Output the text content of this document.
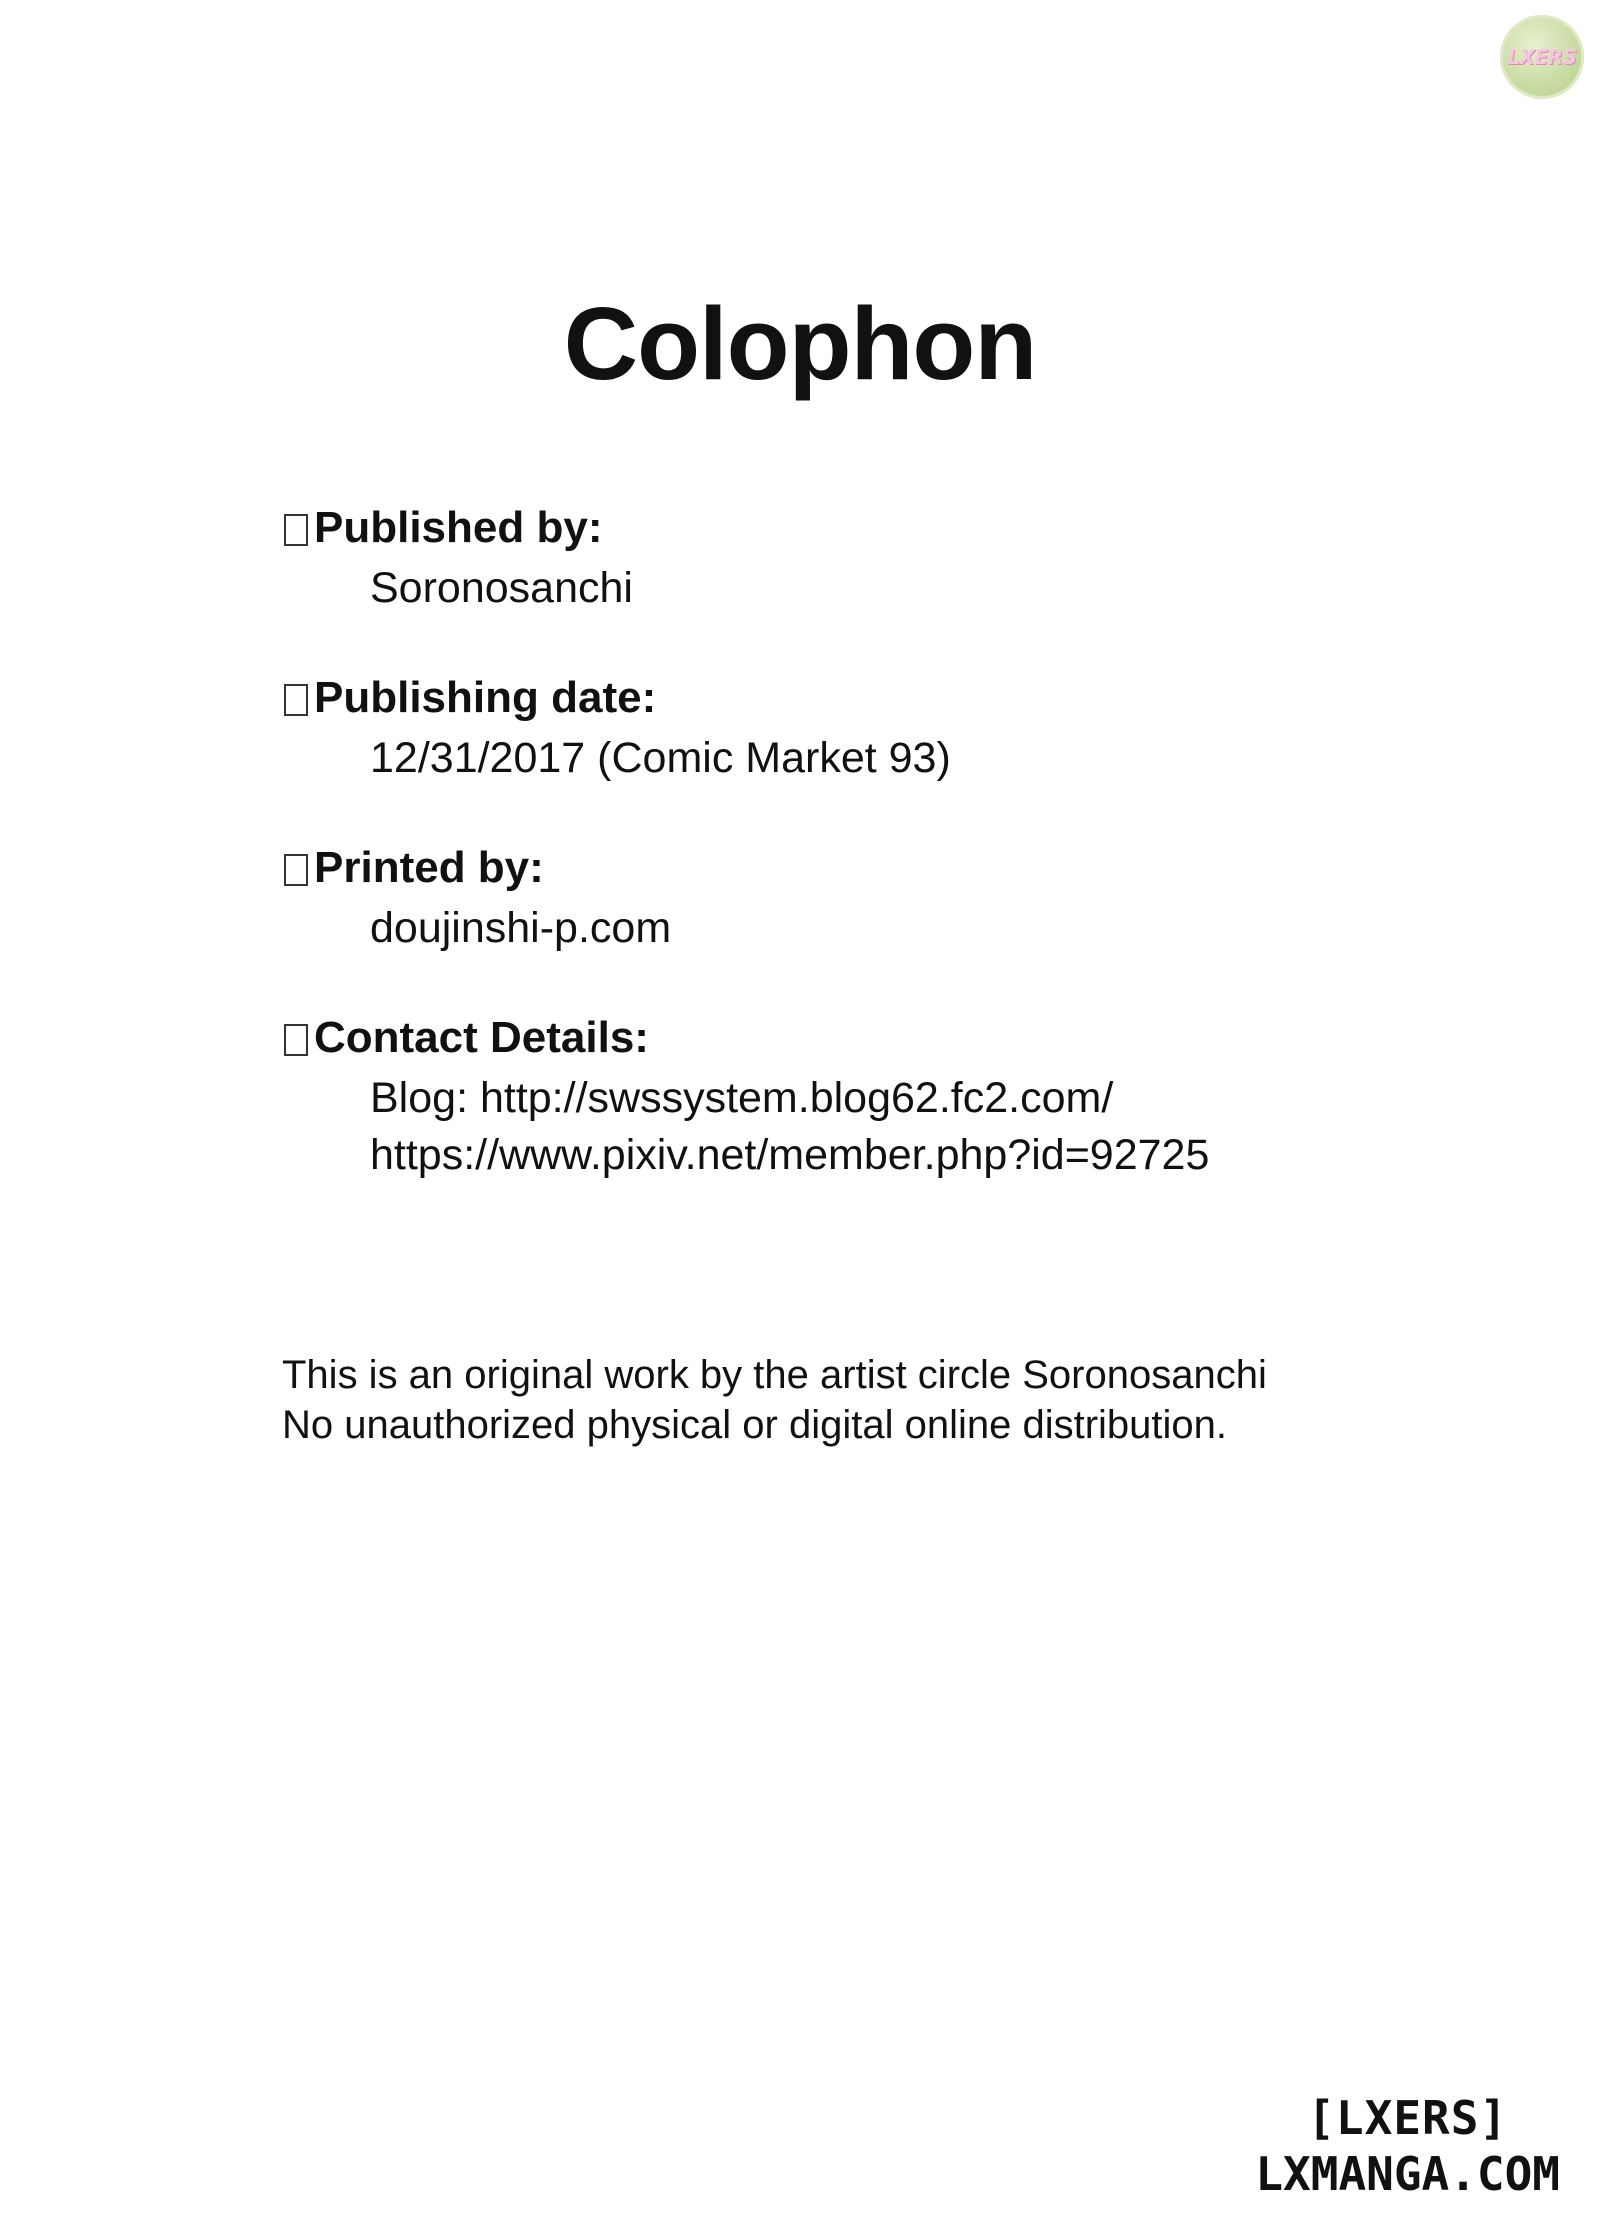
LXERS
Colophon
Published by:
Soronosanchi
Publishing date:
12/31/2017 (Comic Market 93)
Printed by:
doujinshi-p.com
Contact Details:
Blog: http://swssystem.blog62.fc2.com/
https://www.pixiv.net/member.php?id=92725
This is an original work by the artist circle Soronosanchi
No unauthorized physical or digital online distribution.
[LXERS]
LXMANGA.COM
